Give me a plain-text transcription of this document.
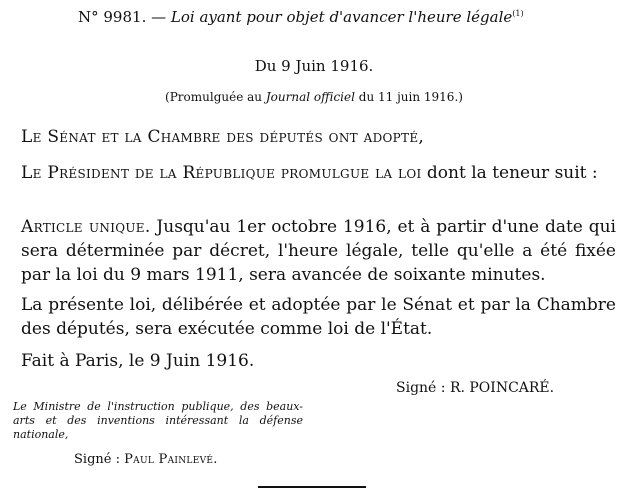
N° 9981. — Loi ayant pour objet d'avancer l'heure légale$^{(1)}$
Du 9 Juin 1916.
(Promulguée au Journal officiel du 11 juin 1916.)
Le Sénat et la Chambre des députés ont adopté,
Le Président de la République promulgue la loi dont la teneur suit :
Article unique. Jusqu'au 1er octobre 1916, et à partir d'une date qui sera déterminée par décret, l'heure légale, telle qu'elle a été fixée par la loi du 9 mars 1911, sera avancée de soixante minutes.
La présente loi, délibérée et adoptée par le Sénat et par la Chambre des députés, sera exécutée comme loi de l'État.
Fait à Paris, le 9 Juin 1916.
Signé : R. POINCARÉ.
Le Ministre de l'instruction publique, des beaux-arts et des inventions intéressant la défense nationale,
Signé : Paul Painlevé.
